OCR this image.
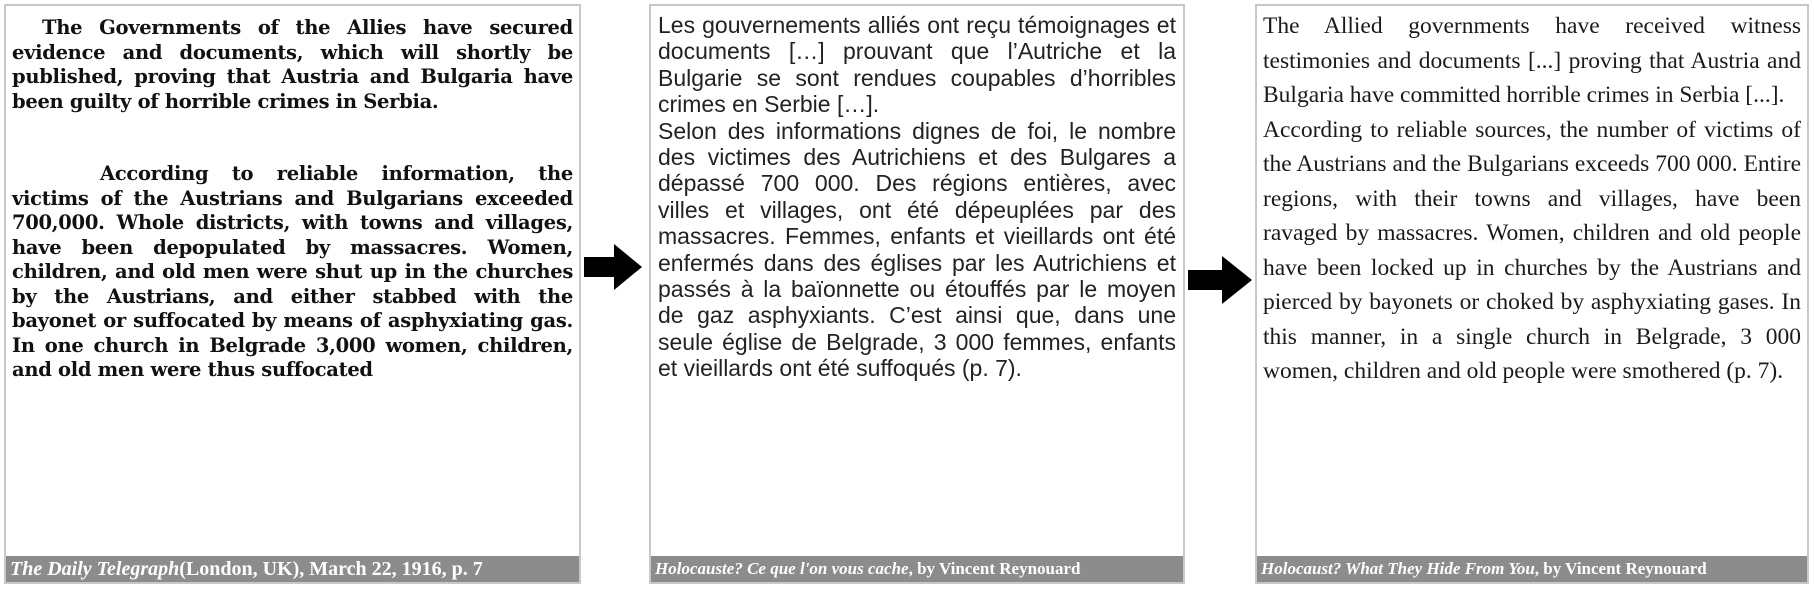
The Governments of the Allies have secured evidence and documents, which will shortly be published, proving that Austria and Bulgaria have been guilty of horrible crimes in Serbia.

According to reliable information, the victims of the Austrians and Bulgarians exceeded 700,000. Whole districts, with towns and villages, have been depopulated by massacres. Women, children, and old men were shut up in the churches by the Austrians, and either stabbed with the bayonet or suffocated by means of asphyxiating gas. In one church in Belgrade 3,000 women, children, and old men were thus suffocated

The Daily Telegraph (London, UK), March 22, 1916, p. 7

Les gouvernements alliés ont reçu témoignages et documents […] prouvant que l’Autriche et la Bulgarie se sont rendues coupables d’horribles crimes en Serbie […].

Selon des informations dignes de foi, le nombre des victimes des Autrichiens et des Bulgares a dépassé 700 000. Des régions entières, avec villes et villages, ont été dépeuplées par des massacres. Femmes, enfants et vieillards ont été enfermés dans des églises par les Autrichiens et passés à la baïonnette ou étouffés par le moyen de gaz asphyxiants. C’est ainsi que, dans une seule église de Belgrade, 3 000 femmes, enfants et vieillards ont été suffoqués (p. 7).

Holocauste? Ce que l'on vous cache , by Vincent Reynouard

The Allied governments have received witness testimonies and documents [...] proving that Austria and Bulgaria have committed horrible crimes in Serbia [...].

According to reliable sources, the number of victims of the Austrians and the Bulgarians exceeds 700 000. Entire regions, with their towns and villages, have been ravaged by massacres. Women, children and old people have been locked up in churches by the Austrians and pierced by bayonets or choked by asphyxiating gases. In this manner, in a single church in Belgrade, 3 000 women, children and old people were smothered (p. 7).

Holocaust? What They Hide From You , by Vincent Reynouard
